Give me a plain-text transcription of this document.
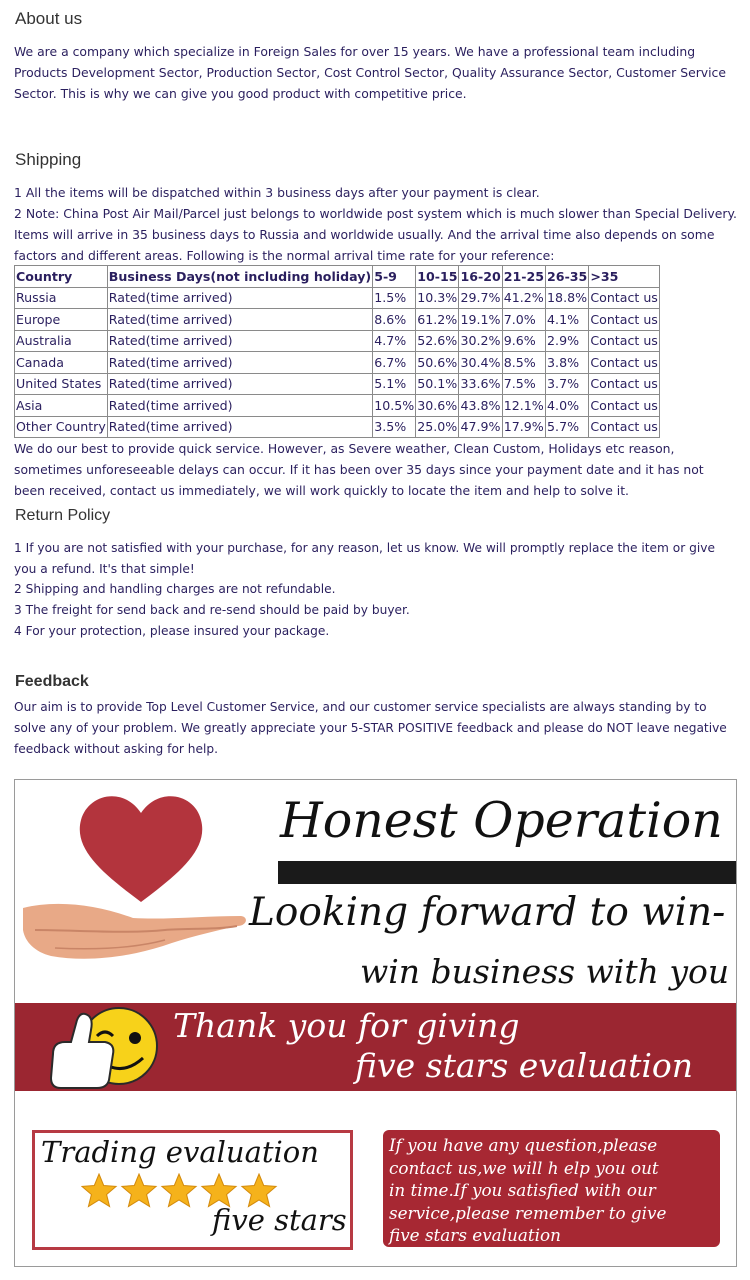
About us

We are a company which specialize in Foreign Sales for over 15 years. We have a professional team including Products Development Sector, Production Sector, Cost Control Sector, Quality Assurance Sector, Customer Service Sector. This is why we can give you good product with competitive price.

Shipping

1 All the items will be dispatched within 3 business days after your payment is clear.

2 Note: China Post Air Mail/Parcel just belongs to worldwide post system which is much slower than Special Delivery. Items will arrive in 35 business days to Russia and worldwide usually. And the arrival time also depends on some factors and different areas. Following is the normal arrival time rate for your reference:

Country	Business Days(not including holiday)	5-9	10-15	16-20	21-25	26-35	>35
Russia	Rated(time arrived)	1.5%	10.3%	29.7%	41.2%	18.8%	Contact us
Europe	Rated(time arrived)	8.6%	61.2%	19.1%	7.0%	4.1%	Contact us
Australia	Rated(time arrived)	4.7%	52.6%	30.2%	9.6%	2.9%	Contact us
Canada	Rated(time arrived)	6.7%	50.6%	30.4%	8.5%	3.8%	Contact us
United States	Rated(time arrived)	5.1%	50.1%	33.6%	7.5%	3.7%	Contact us
Asia	Rated(time arrived)	10.5%	30.6%	43.8%	12.1%	4.0%	Contact us
Other Country	Rated(time arrived)	3.5%	25.0%	47.9%	17.9%	5.7%	Contact us

We do our best to provide quick service. However, as Severe weather, Clean Custom, Holidays etc reason, sometimes unforeseeable delays can occur. If it has been over 35 days since your payment date and it has not been received, contact us immediately, we will work quickly to locate the item and help to solve it.

Return Policy

1 If you are not satisfied with your purchase, for any reason, let us know. We will promptly replace the item or give you a refund. It's that simple!

2 Shipping and handling charges are not refundable.

3 The freight for send back and re-send should be paid by buyer.

4 For your protection, please insured your package.

Feedback

Our aim is to provide Top Level Customer Service, and our customer service specialists are always standing by to solve any of your problem. We greatly appreciate your 5-STAR POSITIVE feedback and please do NOT leave negative feedback without asking for help.

Honest Operation
Looking forward to win-
win business with you
Thank you for giving
five stars evaluation
Trading evaluation
five stars
If you have any question,please
contact us,we will h elp you out
in time.If you satisfied with our
service,please remember to give
five stars evaluation
